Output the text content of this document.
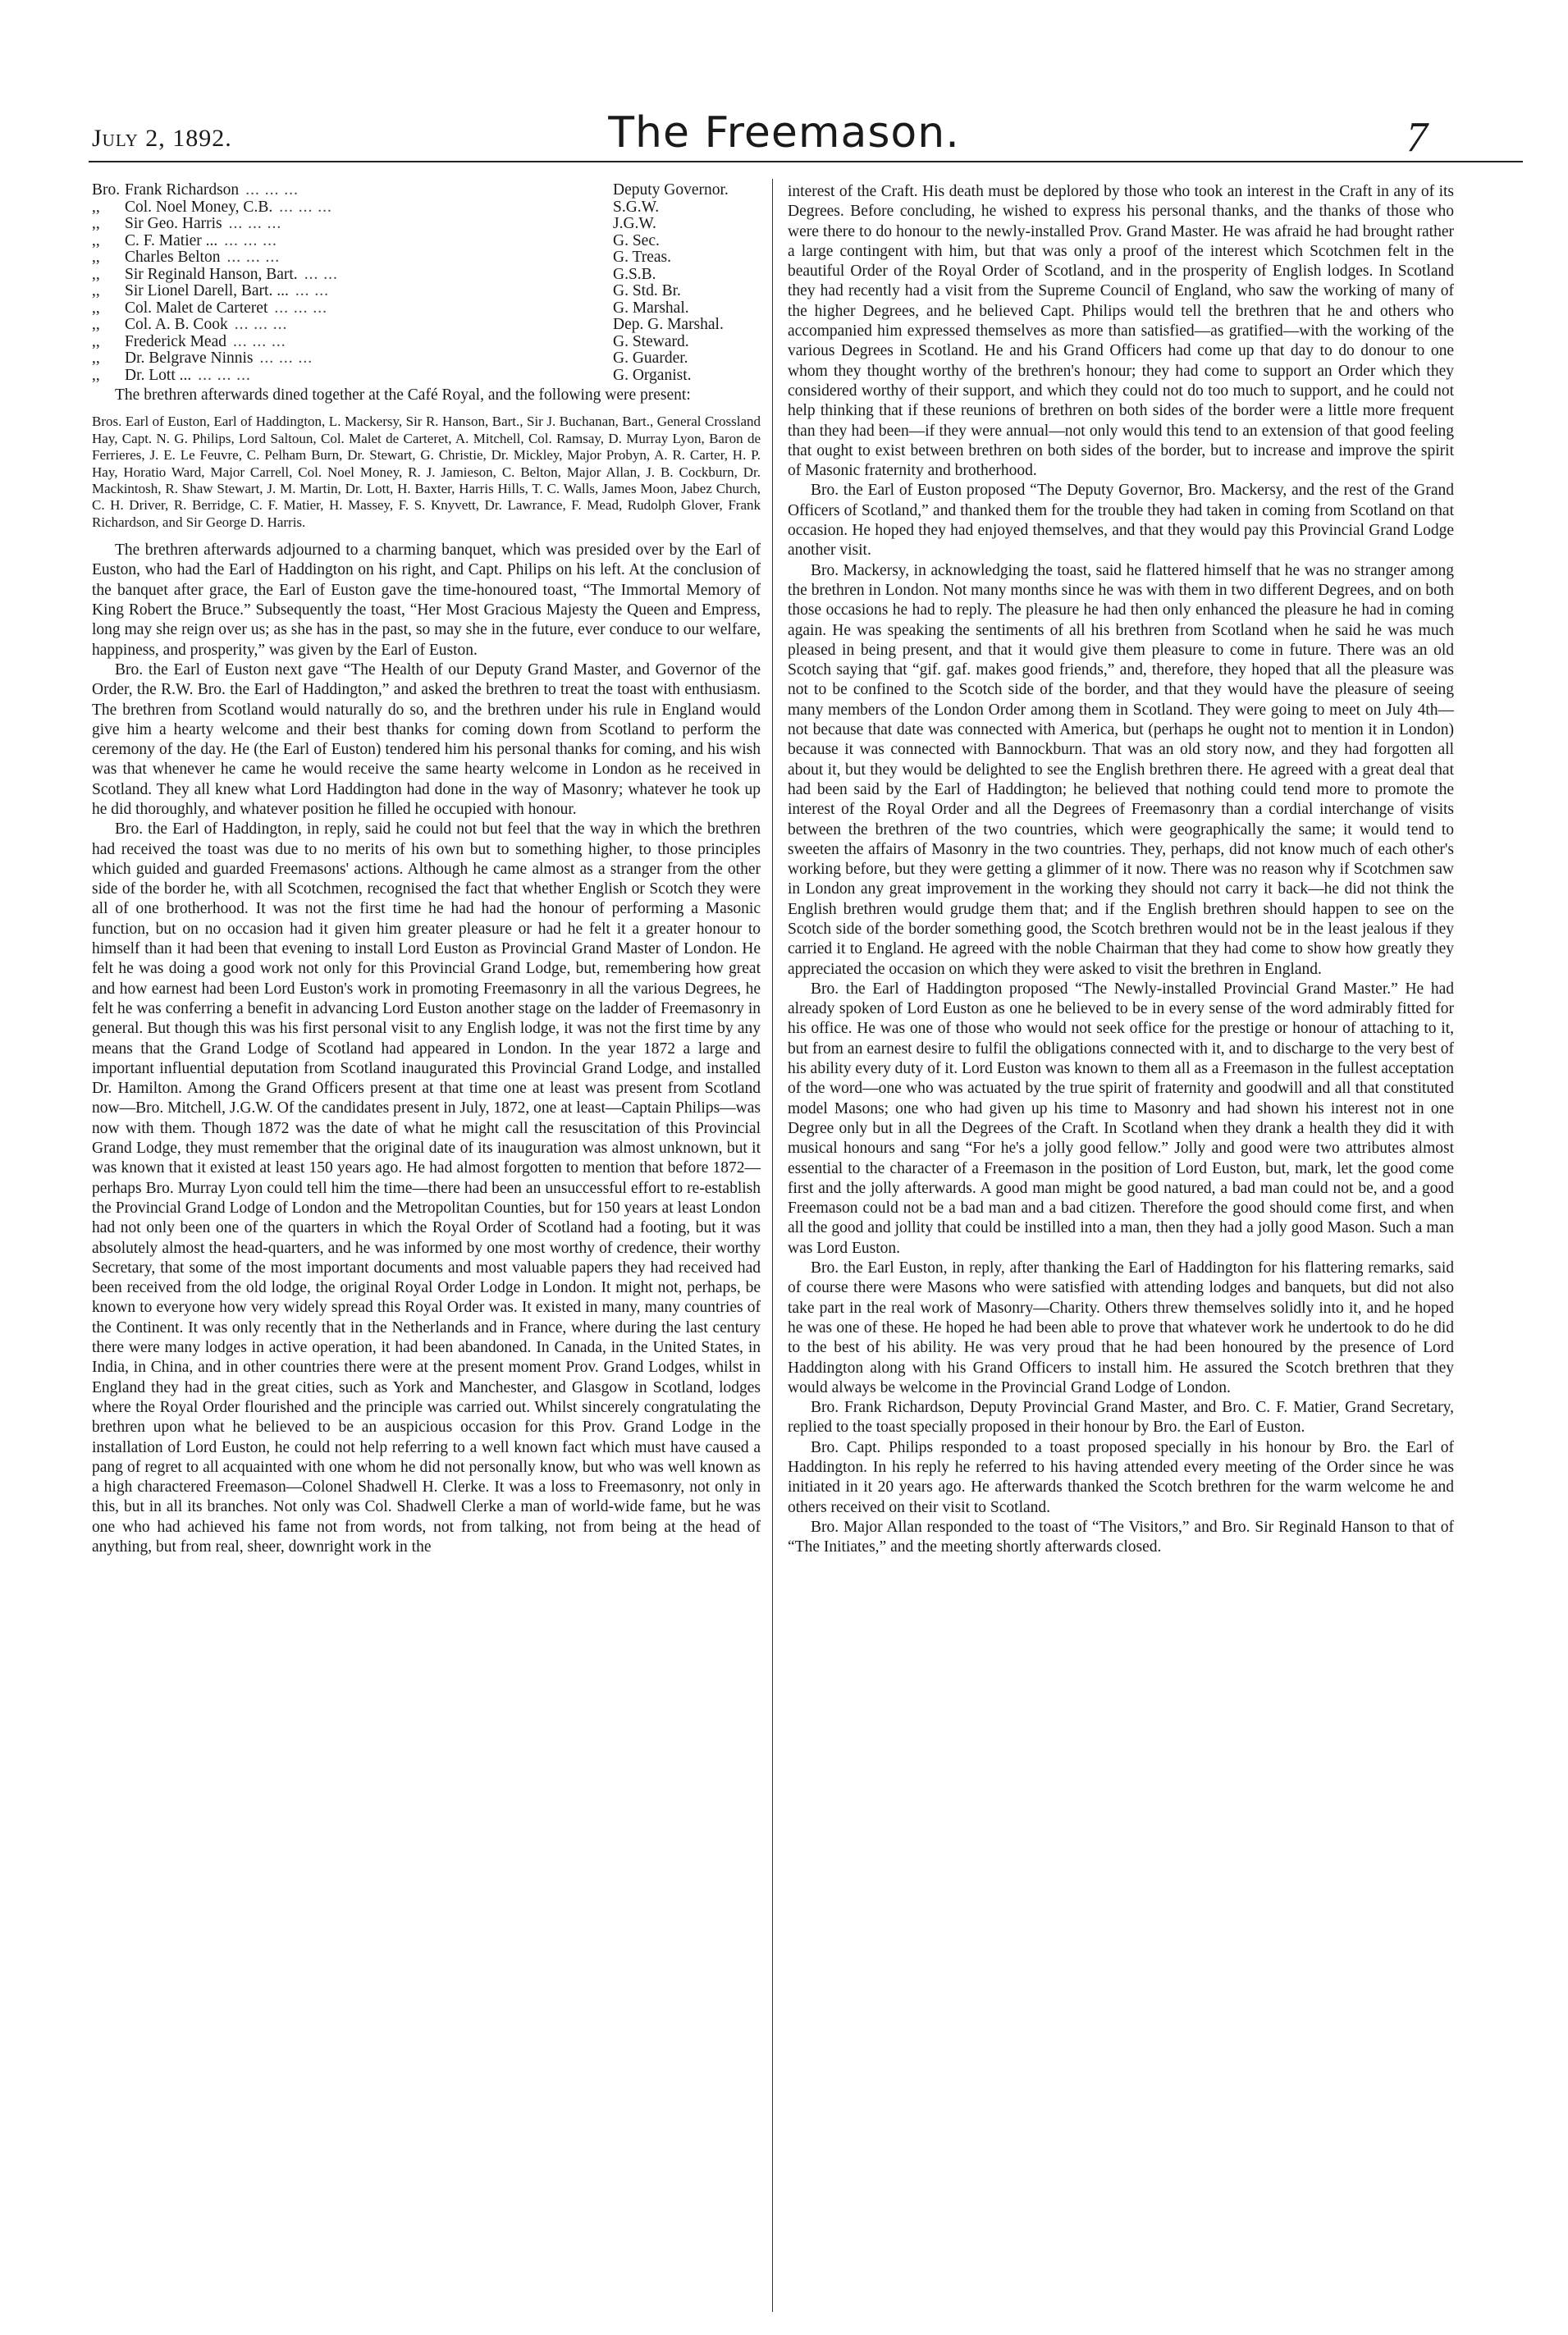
July 2, 1892.	The Freemason.	7
Bro. Frank Richardson ... ... ...	Deputy Governor.
,,	Col. Noel Money, C.B. ... ... ...	S.G.W.
,,	Sir Geo. Harris ... ... ...	J.G.W.
,,	C. F. Matier ... ... ... ...	G. Sec.
,,	Charles Belton ... ... ...	G. Treas.
,,	Sir Reginald Hanson, Bart. ... ...	G.S.B.
,,	Sir Lionel Darell, Bart. ... ... ...	G. Std. Br.
,,	Col. Malet de Carteret ... ... ...	G. Marshal.
,,	Col. A. B. Cook ... ... ...	Dep. G. Marshal.
,,	Frederick Mead ... ... ...	G. Steward.
,,	Dr. Belgrave Ninnis ... ... ...	G. Guarder.
,,	Dr. Lott ... ... ... ...	G. Organist.

The brethren afterwards dined together at the Café Royal, and the following were present:

Bros. Earl of Euston, Earl of Haddington, L. Mackersy, Sir R. Hanson, Bart., Sir J. Buchanan, Bart., General Crossland Hay, Capt. N. G. Philips, Lord Saltoun, Col. Malet de Carteret, A. Mitchell, Col. Ramsay, D. Murray Lyon, Baron de Ferrieres, J. E. Le Feuvre, C. Pelham Burn, Dr. Stewart, G. Christie, Dr. Mickley, Major Probyn, A. R. Carter, H. P. Hay, Horatio Ward, Major Carrell, Col. Noel Money, R. J. Jamieson, C. Belton, Major Allan, J. B. Cockburn, Dr. Mackintosh, R. Shaw Stewart, J. M. Martin, Dr. Lott, H. Baxter, Harris Hills, T. C. Walls, James Moon, Jabez Church, C. H. Driver, R. Berridge, C. F. Matier, H. Massey, F. S. Knyvett, Dr. Lawrance, F. Mead, Rudolph Glover, Frank Richardson, and Sir George D. Harris.

The brethren afterwards adjourned to a charming banquet, which was presided over by the Earl of Euston, who had the Earl of Haddington on his right, and Capt. Philips on his left. At the conclusion of the banquet after grace, the Earl of Euston gave the time-honoured toast, “The Immortal Memory of King Robert the Bruce.” Subsequently the toast, “Her Most Gracious Majesty the Queen and Empress, long may she reign over us; as she has in the past, so may she in the future, ever conduce to our welfare, happiness, and prosperity,” was given by the Earl of Euston.

Bro. the Earl of Euston next gave “The Health of our Deputy Grand Master, and Governor of the Order, the R.W. Bro. the Earl of Haddington,” and asked the brethren to treat the toast with enthusiasm. The brethren from Scotland would naturally do so, and the brethren under his rule in England would give him a hearty welcome and their best thanks for coming down from Scotland to perform the ceremony of the day. He (the Earl of Euston) tendered him his personal thanks for coming, and his wish was that whenever he came he would receive the same hearty welcome in London as he received in Scotland. They all knew what Lord Haddington had done in the way of Masonry; whatever he took up he did thoroughly, and whatever position he filled he occupied with honour.

Bro. the Earl of Haddington, in reply, said he could not but feel that the way in which the brethren had received the toast was due to no merits of his own but to something higher, to those principles which guided and guarded Freemasons' actions. Although he came almost as a stranger from the other side of the border he, with all Scotchmen, recognised the fact that whether English or Scotch they were all of one brotherhood. It was not the first time he had had the honour of performing a Masonic function, but on no occasion had it given him greater pleasure or had he felt it a greater honour to himself than it had been that evening to install Lord Euston as Provincial Grand Master of London. He felt he was doing a good work not only for this Provincial Grand Lodge, but, remembering how great and how earnest had been Lord Euston's work in promoting Freemasonry in all the various Degrees, he felt he was conferring a benefit in advancing Lord Euston another stage on the ladder of Freemasonry in general. But though this was his first personal visit to any English lodge, it was not the first time by any means that the Grand Lodge of Scotland had appeared in London. In the year 1872 a large and important influential deputation from Scotland inaugurated this Provincial Grand Lodge, and installed Dr. Hamilton. Among the Grand Officers present at that time one at least was present from Scotland now—Bro. Mitchell, J.G.W. Of the candidates present in July, 1872, one at least—Captain Philips—was now with them. Though 1872 was the date of what he might call the resuscitation of this Provincial Grand Lodge, they must remember that the original date of its inauguration was almost unknown, but it was known that it existed at least 150 years ago. He had almost forgotten to mention that before 1872—perhaps Bro. Murray Lyon could tell him the time—there had been an unsuccessful effort to re-establish the Provincial Grand Lodge of London and the Metropolitan Counties, but for 150 years at least London had not only been one of the quarters in which the Royal Order of Scotland had a footing, but it was absolutely almost the head-quarters, and he was informed by one most worthy of credence, their worthy Secretary, that some of the most important documents and most valuable papers they had received had been received from the old lodge, the original Royal Order Lodge in London. It might not, perhaps, be known to everyone how very widely spread this Royal Order was. It existed in many, many countries of the Continent. It was only recently that in the Netherlands and in France, where during the last century there were many lodges in active operation, it had been abandoned. In Canada, in the United States, in India, in China, and in other countries there were at the present moment Prov. Grand Lodges, whilst in England they had in the great cities, such as York and Manchester, and Glasgow in Scotland, lodges where the Royal Order flourished and the principle was carried out. Whilst sincerely congratulating the brethren upon what he believed to be an auspicious occasion for this Prov. Grand Lodge in the installation of Lord Euston, he could not help referring to a well known fact which must have caused a pang of regret to all acquainted with one whom he did not personally know, but who was well known as a high charactered Freemason—Colonel Shadwell H. Clerke. It was a loss to Freemasonry, not only in this, but in all its branches. Not only was Col. Shadwell Clerke a man of world-wide fame, but he was one who had achieved his fame not from words, not from talking, not from being at the head of anything, but from real, sheer, downright work in the

interest of the Craft. His death must be deplored by those who took an interest in the Craft in any of its Degrees. Before concluding, he wished to express his personal thanks, and the thanks of those who were there to do honour to the newly-installed Prov. Grand Master. He was afraid he had brought rather a large contingent with him, but that was only a proof of the interest which Scotchmen felt in the beautiful Order of the Royal Order of Scotland, and in the prosperity of English lodges. In Scotland they had recently had a visit from the Supreme Council of England, who saw the working of many of the higher Degrees, and he believed Capt. Philips would tell the brethren that he and others who accompanied him expressed themselves as more than satisfied—as gratified—with the working of the various Degrees in Scotland. He and his Grand Officers had come up that day to do donour to one whom they thought worthy of the brethren's honour; they had come to support an Order which they considered worthy of their support, and which they could not do too much to support, and he could not help thinking that if these reunions of brethren on both sides of the border were a little more frequent than they had been—if they were annual—not only would this tend to an extension of that good feeling that ought to exist between brethren on both sides of the border, but to increase and improve the spirit of Masonic fraternity and brotherhood.

Bro. the Earl of Euston proposed “The Deputy Governor, Bro. Mackersy, and the rest of the Grand Officers of Scotland,” and thanked them for the trouble they had taken in coming from Scotland on that occasion. He hoped they had enjoyed themselves, and that they would pay this Provincial Grand Lodge another visit.

Bro. Mackersy, in acknowledging the toast, said he flattered himself that he was no stranger among the brethren in London. Not many months since he was with them in two different Degrees, and on both those occasions he had to reply. The pleasure he had then only enhanced the pleasure he had in coming again. He was speaking the sentiments of all his brethren from Scotland when he said he was much pleased in being present, and that it would give them pleasure to come in future. There was an old Scotch saying that “gif. gaf. makes good friends,” and, therefore, they hoped that all the pleasure was not to be confined to the Scotch side of the border, and that they would have the pleasure of seeing many members of the London Order among them in Scotland. They were going to meet on July 4th—not because that date was connected with America, but (perhaps he ought not to mention it in London) because it was connected with Bannockburn. That was an old story now, and they had forgotten all about it, but they would be delighted to see the English brethren there. He agreed with a great deal that had been said by the Earl of Haddington; he believed that nothing could tend more to promote the interest of the Royal Order and all the Degrees of Freemasonry than a cordial interchange of visits between the brethren of the two countries, which were geographically the same; it would tend to sweeten the affairs of Masonry in the two countries. They, perhaps, did not know much of each other's working before, but they were getting a glimmer of it now. There was no reason why if Scotchmen saw in London any great improvement in the working they should not carry it back—he did not think the English brethren would grudge them that; and if the English brethren should happen to see on the Scotch side of the border something good, the Scotch brethren would not be in the least jealous if they carried it to England. He agreed with the noble Chairman that they had come to show how greatly they appreciated the occasion on which they were asked to visit the brethren in England.

Bro. the Earl of Haddington proposed “The Newly-installed Provincial Grand Master.” He had already spoken of Lord Euston as one he believed to be in every sense of the word admirably fitted for his office. He was one of those who would not seek office for the prestige or honour of attaching to it, but from an earnest desire to fulfil the obligations connected with it, and to discharge to the very best of his ability every duty of it. Lord Euston was known to them all as a Freemason in the fullest acceptation of the word—one who was actuated by the true spirit of fraternity and goodwill and all that constituted model Masons; one who had given up his time to Masonry and had shown his interest not in one Degree only but in all the Degrees of the Craft. In Scotland when they drank a health they did it with musical honours and sang “For he's a jolly good fellow.” Jolly and good were two attributes almost essential to the character of a Freemason in the position of Lord Euston, but, mark, let the good come first and the jolly afterwards. A good man might be good natured, a bad man could not be, and a good Freemason could not be a bad man and a bad citizen. Therefore the good should come first, and when all the good and jollity that could be instilled into a man, then they had a jolly good Mason. Such a man was Lord Euston.

Bro. the Earl Euston, in reply, after thanking the Earl of Haddington for his flattering remarks, said of course there were Masons who were satisfied with attending lodges and banquets, but did not also take part in the real work of Masonry—Charity. Others threw themselves solidly into it, and he hoped he was one of these. He hoped he had been able to prove that whatever work he undertook to do he did to the best of his ability. He was very proud that he had been honoured by the presence of Lord Haddington along with his Grand Officers to install him. He assured the Scotch brethren that they would always be welcome in the Provincial Grand Lodge of London.

Bro. Frank Richardson, Deputy Provincial Grand Master, and Bro. C. F. Matier, Grand Secretary, replied to the toast specially proposed in their honour by Bro. the Earl of Euston.

Bro. Capt. Philips responded to a toast proposed specially in his honour by Bro. the Earl of Haddington. In his reply he referred to his having attended every meeting of the Order since he was initiated in it 20 years ago. He afterwards thanked the Scotch brethren for the warm welcome he and others received on their visit to Scotland.

Bro. Major Allan responded to the toast of “The Visitors,” and Bro. Sir Reginald Hanson to that of “The Initiates,” and the meeting shortly afterwards closed.
